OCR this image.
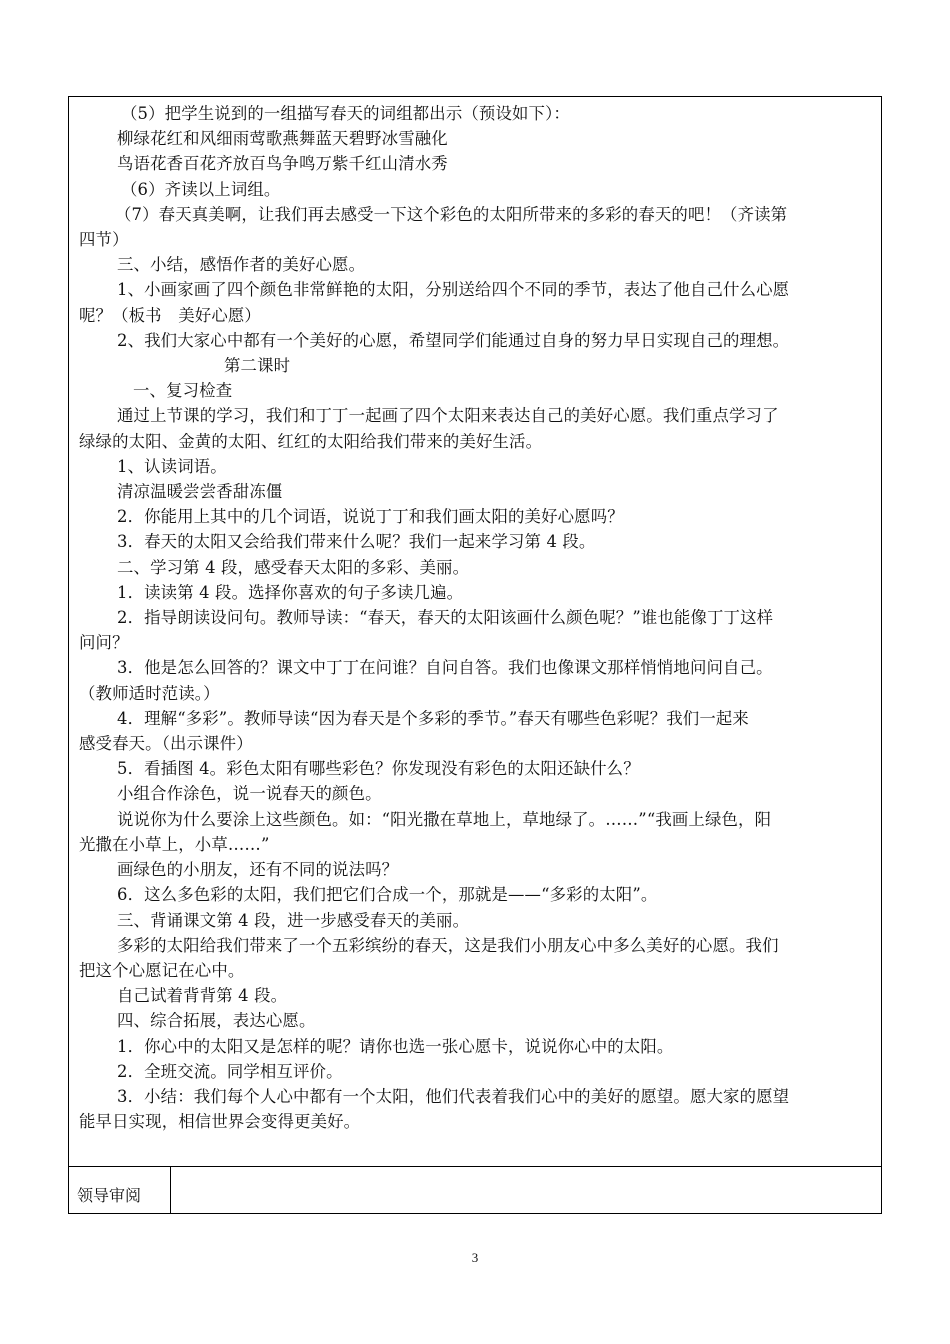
（5）把学生说到的一组描写春天的词组都出示（预设如下）：

柳绿花红和风细雨莺歌燕舞蓝天碧野冰雪融化

鸟语花香百花齐放百鸟争鸣万紫千红山清水秀

（6）齐读以上词组。

（7）春天真美啊，让我们再去感受一下这个彩色的太阳所带来的多彩的春天的吧！（齐读第

四节）

三、小结，感悟作者的美好心愿。

1、小画家画了四个颜色非常鲜艳的太阳，分别送给四个不同的季节，表达了他自己什么心愿

呢？（板书　美好心愿）

2、我们大家心中都有一个美好的心愿，希望同学们能通过自身的努力早日实现自己的理想。

第二课时

一、复习检查

通过上节课的学习，我们和丁丁一起画了四个太阳来表达自己的美好心愿。我们重点学习了

绿绿的太阳、金黄的太阳、红红的太阳给我们带来的美好生活。

1、认读词语。

清凉温暖尝尝香甜冻僵

2．你能用上其中的几个词语，说说丁丁和我们画太阳的美好心愿吗？

3．春天的太阳又会给我们带来什么呢？我们一起来学习第 4 段。

二、学习第 4 段，感受春天太阳的多彩、美丽。

1．读读第 4 段。选择你喜欢的句子多读几遍。

2．指导朗读设问句。教师导读：“春天，春天的太阳该画什么颜色呢？”谁也能像丁丁这样

问问？

3．他是怎么回答的？课文中丁丁在问谁？自问自答。我们也像课文那样悄悄地问问自己。

（教师适时范读。）

4．理解“多彩”。教师导读“因为春天是个多彩的季节。”春天有哪些色彩呢？我们一起来

感受春天。（出示课件）

5．看插图 4。彩色太阳有哪些彩色？你发现没有彩色的太阳还缺什么？

小组合作涂色，说一说春天的颜色。

说说你为什么要涂上这些颜色。如：“阳光撒在草地上，草地绿了。……”“我画上绿色，阳

光撒在小草上，小草……”

画绿色的小朋友，还有不同的说法吗？

6．这么多色彩的太阳，我们把它们合成一个，那就是——“多彩的太阳”。

三、背诵课文第 4 段，进一步感受春天的美丽。

多彩的太阳给我们带来了一个五彩缤纷的春天，这是我们小朋友心中多么美好的心愿。我们

把这个心愿记在心中。

自己试着背背第 4 段。

四、综合拓展，表达心愿。

1．你心中的太阳又是怎样的呢？请你也选一张心愿卡，说说你心中的太阳。

2．全班交流。同学相互评价。

3．小结：我们每个人心中都有一个太阳，他们代表着我们心中的美好的愿望。愿大家的愿望

能早日实现，相信世界会变得更美好。

领导审阅
3
